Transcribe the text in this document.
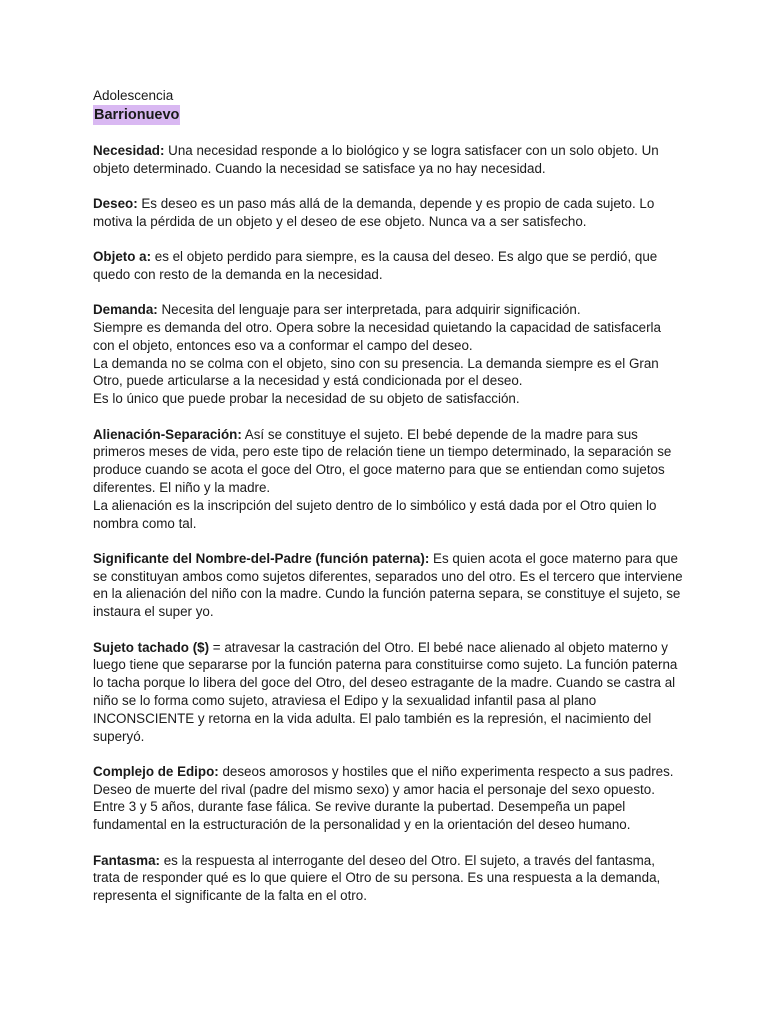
Adolescencia

Barrionuevo

Necesidad: Una necesidad responde a lo biológico y se logra satisfacer con un solo objeto. Un objeto determinado. Cuando la necesidad se satisface ya no hay necesidad.

Deseo: Es deseo es un paso más allá de la demanda, depende y es propio de cada sujeto. Lo motiva la pérdida de un objeto y el deseo de ese objeto. Nunca va a ser satisfecho.

Objeto a: es el objeto perdido para siempre, es la causa del deseo. Es algo que se perdió, que quedo con resto de la demanda en la necesidad.

Demanda: Necesita del lenguaje para ser interpretada, para adquirir significación.

Siempre es demanda del otro. Opera sobre la necesidad quietando la capacidad de satisfacerla con el objeto, entonces eso va a conformar el campo del deseo.

La demanda no se colma con el objeto, sino con su presencia. La demanda siempre es el Gran Otro, puede articularse a la necesidad y está condicionada por el deseo.

Es lo único que puede probar la necesidad de su objeto de satisfacción.

Alienación-Separación: Así se constituye el sujeto. El bebé depende de la madre para sus primeros meses de vida, pero este tipo de relación tiene un tiempo determinado, la separación se produce cuando se acota el goce del Otro, el goce materno para que se entiendan como sujetos diferentes. El niño y la madre.

La alienación es la inscripción del sujeto dentro de lo simbólico y está dada por el Otro quien lo nombra como tal.

Significante del Nombre-del-Padre (función paterna): Es quien acota el goce materno para que se constituyan ambos como sujetos diferentes, separados uno del otro. Es el tercero que interviene en la alienación del niño con la madre. Cundo la función paterna separa, se constituye el sujeto, se instaura el super yo.

Sujeto tachado ($) = atravesar la castración del Otro. El bebé nace alienado al objeto materno y luego tiene que separarse por la función paterna para constituirse como sujeto. La función paterna lo tacha porque lo libera del goce del Otro, del deseo estragante de la madre. Cuando se castra al niño se lo forma como sujeto, atraviesa el Edipo y la sexualidad infantil pasa al plano INCONSCIENTE y retorna en la vida adulta. El palo también es la represión, el nacimiento del superyó.

Complejo de Edipo: deseos amorosos y hostiles que el niño experimenta respecto a sus padres. Deseo de muerte del rival (padre del mismo sexo) y amor hacia el personaje del sexo opuesto. Entre 3 y 5 años, durante fase fálica. Se revive durante la pubertad. Desempeña un papel fundamental en la estructuración de la personalidad y en la orientación del deseo humano.

Fantasma: es la respuesta al interrogante del deseo del Otro. El sujeto, a través del fantasma, trata de responder qué es lo que quiere el Otro de su persona. Es una respuesta a la demanda, representa el significante de la falta en el otro.
